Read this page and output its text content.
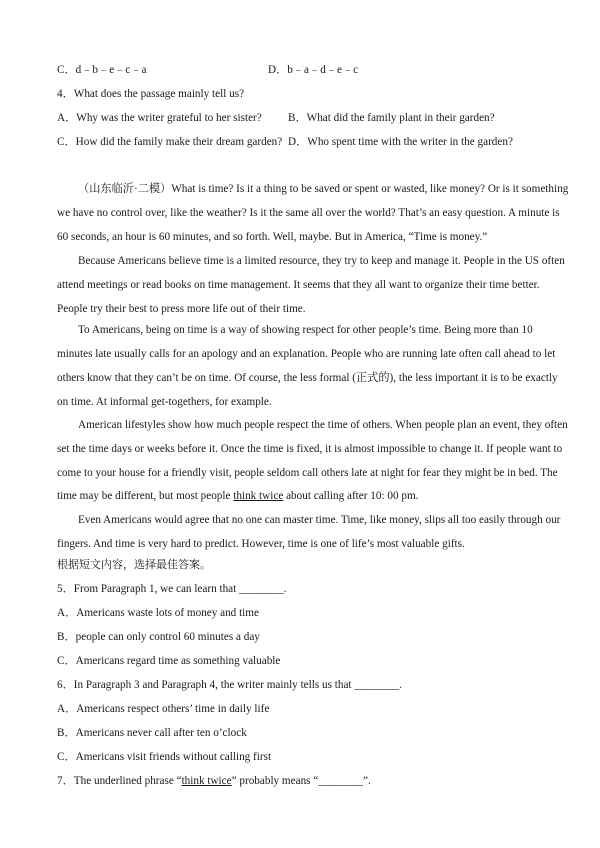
C．d﹣b﹣e﹣c﹣a	D．b﹣a﹣d﹣e﹣c
4．What does the passage mainly tell us?
A．Why was the writer grateful to her sister? B．What did the family plant in their garden?
C．How did the family make their dream garden? D．Who spent time with the writer in the garden?
（山东临沂·二模）What is time? Is it a thing to be saved or spent or wasted, like money? Or is it something
we have no control over, like the weather? Is it the same all over the world? That’s an easy question. A minute is
60 seconds, an hour is 60 minutes, and so forth. Well, maybe. But in America, “Time is money.”
Because Americans believe time is a limited resource, they try to keep and manage it. People in the US often
attend meetings or read books on time management. It seems that they all want to organize their time better.
People try their best to press more life out of their time.
To Americans, being on time is a way of showing respect for other people’s time. Being more than 10
minutes late usually calls for an apology and an explanation. People who are running late often call ahead to let
others know that they can’t be on time. Of course, the less formal (正式的), the less important it is to be exactly
on time. At informal get-togethers, for example.
American lifestyles show how much people respect the time of others. When people plan an event, they often
set the time days or weeks before it. Once the time is fixed, it is almost impossible to change it. If people want to
come to your house for a friendly visit, people seldom call others late at night for fear they might be in bed. The
time may be different, but most people think twice about calling after 10: 00 pm.
Even Americans would agree that no one can master time. Time, like money, slips all too easily through our
fingers. And time is very hard to predict. However, time is one of life’s most valuable gifts.
根据短文内容，选择最佳答案。
5．From Paragraph 1, we can learn that ________.
A．Americans waste lots of money and time
B．people can only control 60 minutes a day
C．Americans regard time as something valuable
6．In Paragraph 3 and Paragraph 4, the writer mainly tells us that ________.
A．Americans respect others’ time in daily life
B．Americans never call after ten o’clock
C．Americans visit friends without calling first
7．The underlined phrase “think twice” probably means “________”.
